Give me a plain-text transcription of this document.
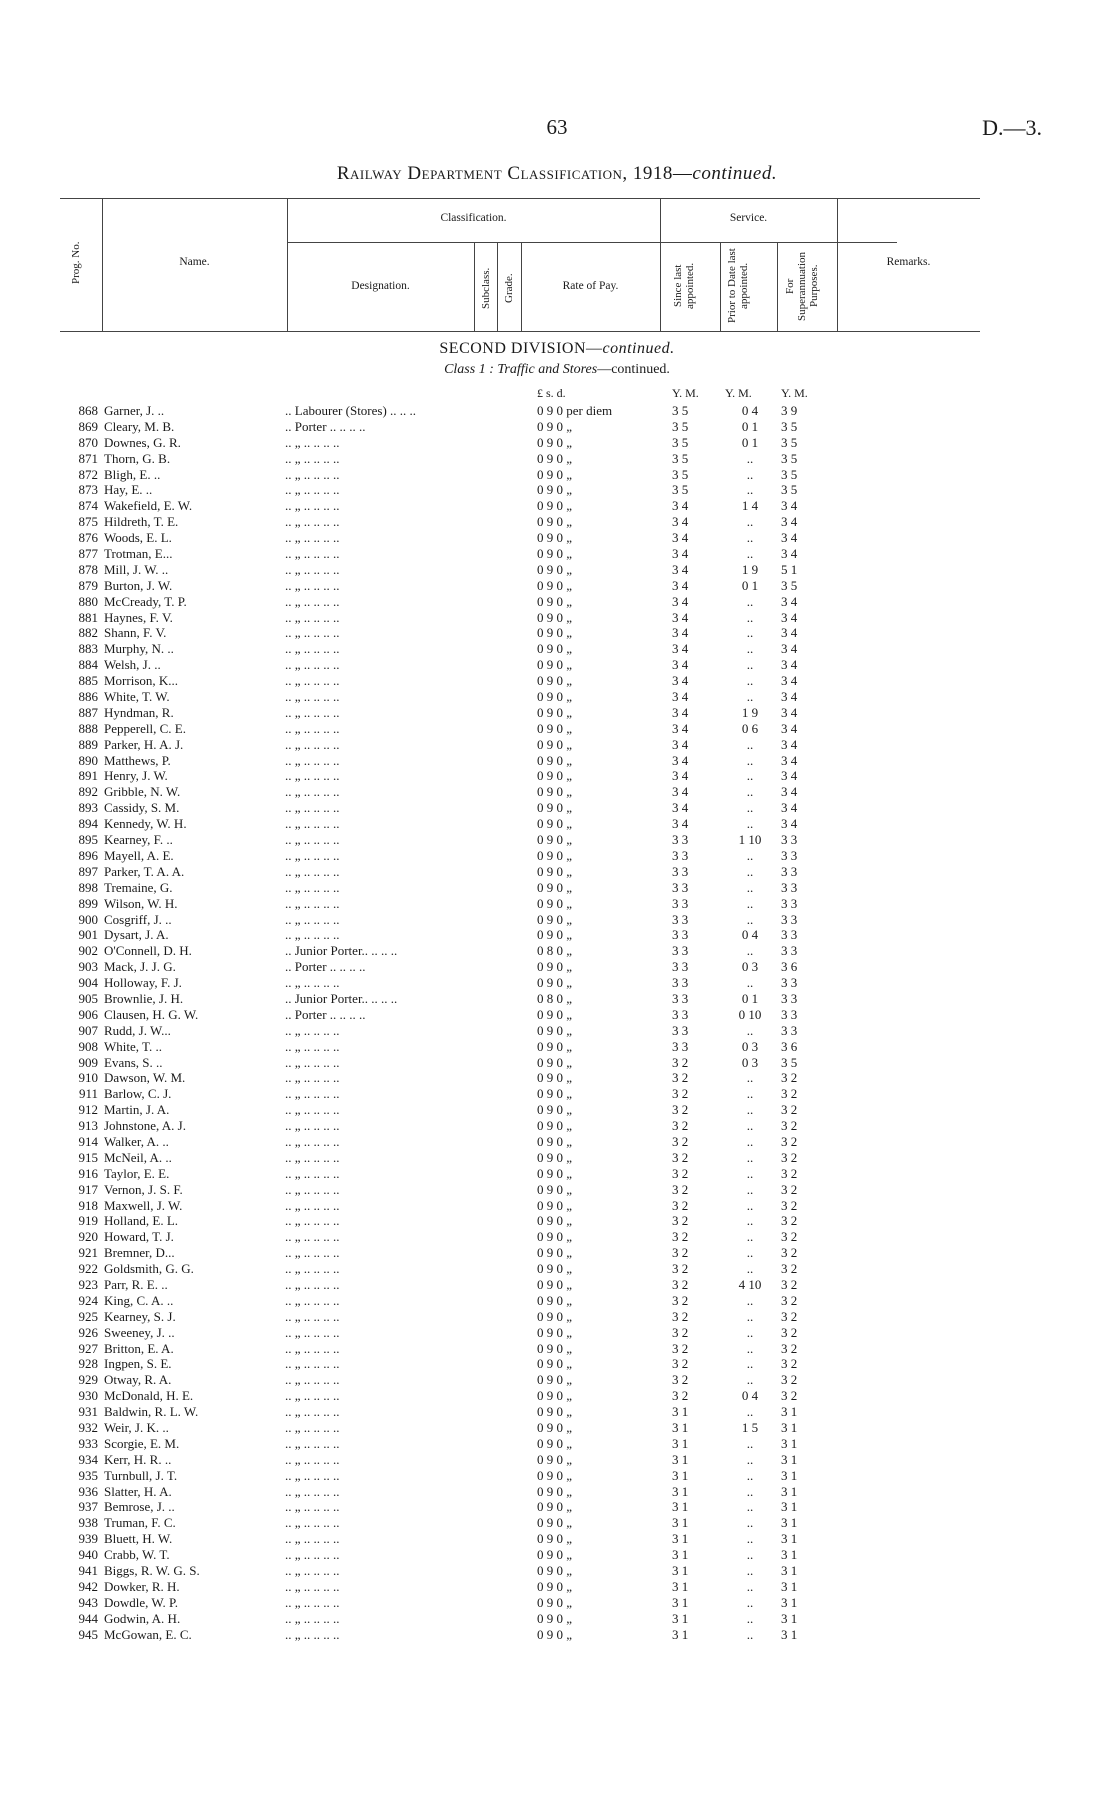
63	D.—3.
Railway Department Classification, 1918—continued.
Prog. No.	Name.
Classification.
Designation.	Subclass. Grade.	Rate of Pay.
Service.
Since last appointed.	Prior to Date last appointed.	For Superannuation Purposes.
Remarks.
SECOND DIVISION—continued.
Class 1 : Traffic and Stores—continued.
£ s. d.	Y. M. Y. M. Y. M.
868 Garner, J. ..	.. Labourer (Stores) .. .. ..	0 9 0 per diem	3 5	0 4	3 9
869 Cleary, M. B.	.. Porter .. .. .. ..	0 9 0 „	3 5	0 1	3 5
870 Downes, G. R.	.. „ .. .. .. ..	0 9 0 „	3 5	0 1	3 5
871 Thorn, G. B.	.. „ .. .. .. ..	0 9 0 „	3 5	..	3 5
872 Bligh, E. ..	.. „ .. .. .. ..	0 9 0 „	3 5	..	3 5
873 Hay, E. ..	.. „ .. .. .. ..	0 9 0 „	3 5	..	3 5
874 Wakefield, E. W.	.. „ .. .. .. ..	0 9 0 „	3 4	1 4	3 4
875 Hildreth, T. E.	.. „ .. .. .. ..	0 9 0 „	3 4	..	3 4
876 Woods, E. L.	.. „ .. .. .. ..	0 9 0 „	3 4	..	3 4
877 Trotman, E...	.. „ .. .. .. ..	0 9 0 „	3 4	..	3 4
878 Mill, J. W. ..	.. „ .. .. .. ..	0 9 0 „	3 4	1 9	5 1
879 Burton, J. W.	.. „ .. .. .. ..	0 9 0 „	3 4	0 1	3 5
880 McCready, T. P.	.. „ .. .. .. ..	0 9 0 „	3 4	..	3 4
881 Haynes, F. V.	.. „ .. .. .. ..	0 9 0 „	3 4	..	3 4
882 Shann, F. V.	.. „ .. .. .. ..	0 9 0 „	3 4	..	3 4
883 Murphy, N. ..	.. „ .. .. .. ..	0 9 0 „	3 4	..	3 4
884 Welsh, J. ..	.. „ .. .. .. ..	0 9 0 „	3 4	..	3 4
885 Morrison, K...	.. „ .. .. .. ..	0 9 0 „	3 4	..	3 4
886 White, T. W.	.. „ .. .. .. ..	0 9 0 „	3 4	..	3 4
887 Hyndman, R.	.. „ .. .. .. ..	0 9 0 „	3 4	1 9	3 4
888 Pepperell, C. E.	.. „ .. .. .. ..	0 9 0 „	3 4	0 6	3 4
889 Parker, H. A. J.	.. „ .. .. .. ..	0 9 0 „	3 4	..	3 4
890 Matthews, P.	.. „ .. .. .. ..	0 9 0 „	3 4	..	3 4
891 Henry, J. W.	.. „ .. .. .. ..	0 9 0 „	3 4	..	3 4
892 Gribble, N. W.	.. „ .. .. .. ..	0 9 0 „	3 4	..	3 4
893 Cassidy, S. M.	.. „ .. .. .. ..	0 9 0 „	3 4	..	3 4
894 Kennedy, W. H.	.. „ .. .. .. ..	0 9 0 „	3 4	..	3 4
895 Kearney, F. ..	.. „ .. .. .. ..	0 9 0 „	3 3	1 10	3 3
896 Mayell, A. E.	.. „ .. .. .. ..	0 9 0 „	3 3	..	3 3
897 Parker, T. A. A.	.. „ .. .. .. ..	0 9 0 „	3 3	..	3 3
898 Tremaine, G.	.. „ .. .. .. ..	0 9 0 „	3 3	..	3 3
899 Wilson, W. H.	.. „ .. .. .. ..	0 9 0 „	3 3	..	3 3
900 Cosgriff, J. ..	.. „ .. .. .. ..	0 9 0 „	3 3	..	3 3
901 Dysart, J. A.	.. „ .. .. .. ..	0 9 0 „	3 3	0 4	3 3
902 O'Connell, D. H.	.. Junior Porter.. .. .. ..	0 8 0 „	3 3	..	3 3
903 Mack, J. J. G.	.. Porter .. .. .. ..	0 9 0 „	3 3	0 3	3 6
904 Holloway, F. J.	.. „ .. .. .. ..	0 9 0 „	3 3	..	3 3
905 Brownlie, J. H.	.. Junior Porter.. .. .. ..	0 8 0 „	3 3	0 1	3 3
906 Clausen, H. G. W.	.. Porter .. .. .. ..	0 9 0 „	3 3	0 10	3 3
907 Rudd, J. W...	.. „ .. .. .. ..	0 9 0 „	3 3	..	3 3
908 White, T. ..	.. „ .. .. .. ..	0 9 0 „	3 3	0 3	3 6
909 Evans, S. ..	.. „ .. .. .. ..	0 9 0 „	3 2	0 3	3 5
910 Dawson, W. M.	.. „ .. .. .. ..	0 9 0 „	3 2	..	3 2
911 Barlow, C. J.	.. „ .. .. .. ..	0 9 0 „	3 2	..	3 2
912 Martin, J. A.	.. „ .. .. .. ..	0 9 0 „	3 2	..	3 2
913 Johnstone, A. J.	.. „ .. .. .. ..	0 9 0 „	3 2	..	3 2
914 Walker, A. ..	.. „ .. .. .. ..	0 9 0 „	3 2	..	3 2
915 McNeil, A. ..	.. „ .. .. .. ..	0 9 0 „	3 2	..	3 2
916 Taylor, E. E.	.. „ .. .. .. ..	0 9 0 „	3 2	..	3 2
917 Vernon, J. S. F.	.. „ .. .. .. ..	0 9 0 „	3 2	..	3 2
918 Maxwell, J. W.	.. „ .. .. .. ..	0 9 0 „	3 2	..	3 2
919 Holland, E. L.	.. „ .. .. .. ..	0 9 0 „	3 2	..	3 2
920 Howard, T. J.	.. „ .. .. .. ..	0 9 0 „	3 2	..	3 2
921 Bremner, D...	.. „ .. .. .. ..	0 9 0 „	3 2	..	3 2
922 Goldsmith, G. G.	.. „ .. .. .. ..	0 9 0 „	3 2	..	3 2
923 Parr, R. E. ..	.. „ .. .. .. ..	0 9 0 „	3 2	4 10	3 2
924 King, C. A. ..	.. „ .. .. .. ..	0 9 0 „	3 2	..	3 2
925 Kearney, S. J.	.. „ .. .. .. ..	0 9 0 „	3 2	..	3 2
926 Sweeney, J. ..	.. „ .. .. .. ..	0 9 0 „	3 2	..	3 2
927 Britton, E. A.	.. „ .. .. .. ..	0 9 0 „	3 2	..	3 2
928 Ingpen, S. E.	.. „ .. .. .. ..	0 9 0 „	3 2	..	3 2
929 Otway, R. A.	.. „ .. .. .. ..	0 9 0 „	3 2	..	3 2
930 McDonald, H. E.	.. „ .. .. .. ..	0 9 0 „	3 2	0 4	3 2
931 Baldwin, R. L. W.	.. „ .. .. .. ..	0 9 0 „	3 1	..	3 1
932 Weir, J. K. ..	.. „ .. .. .. ..	0 9 0 „	3 1	1 5	3 1
933 Scorgie, E. M.	.. „ .. .. .. ..	0 9 0 „	3 1	..	3 1
934 Kerr, H. R. ..	.. „ .. .. .. ..	0 9 0 „	3 1	..	3 1
935 Turnbull, J. T.	.. „ .. .. .. ..	0 9 0 „	3 1	..	3 1
936 Slatter, H. A.	.. „ .. .. .. ..	0 9 0 „	3 1	..	3 1
937 Bemrose, J. ..	.. „ .. .. .. ..	0 9 0 „	3 1	..	3 1
938 Truman, F. C.	.. „ .. .. .. ..	0 9 0 „	3 1	..	3 1
939 Bluett, H. W.	.. „ .. .. .. ..	0 9 0 „	3 1	..	3 1
940 Crabb, W. T.	.. „ .. .. .. ..	0 9 0 „	3 1	..	3 1
941 Biggs, R. W. G. S.	.. „ .. .. .. ..	0 9 0 „	3 1	..	3 1
942 Dowker, R. H.	.. „ .. .. .. ..	0 9 0 „	3 1	..	3 1
943 Dowdle, W. P.	.. „ .. .. .. ..	0 9 0 „	3 1	..	3 1
944 Godwin, A. H.	.. „ .. .. .. ..	0 9 0 „	3 1	..	3 1
945 McGowan, E. C.	.. „ .. .. .. ..	0 9 0 „	3 1	..	3 1
